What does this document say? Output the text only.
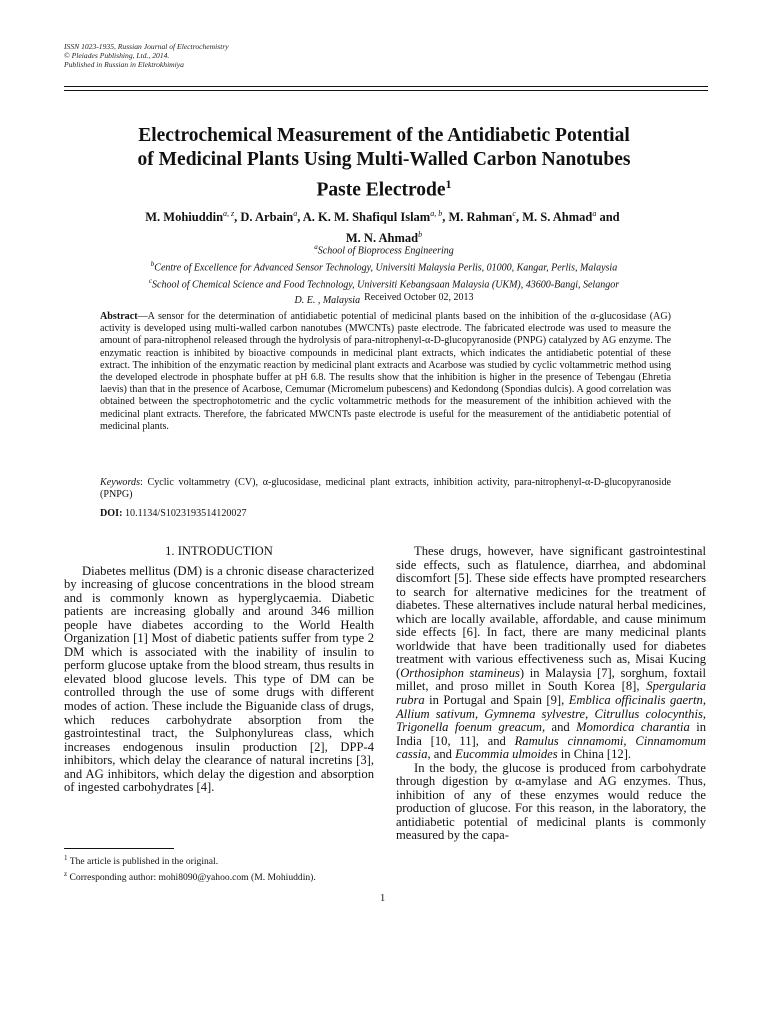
ISSN 1023-1935, Russian Journal of Electrochemistry
© Pleiades Publishing, Ltd., 2014.
Published in Russian in Elektrokhimiya
Electrochemical Measurement of the Antidiabetic Potential
of Medicinal Plants Using Multi-Walled Carbon Nanotubes
Paste Electrode$^1$
M. Mohiuddin$^{a, z}$, D. Arbain$^a$, A. K. M. Shafiqul Islam$^{a, b}$, M. Rahman$^c$, M. S. Ahmad$^a$ and
M. N. Ahmad$^b$
$^a$School of Bioprocess Engineering
$^b$Centre of Excellence for Advanced Sensor Technology, Universiti Malaysia Perlis, 01000, Kangar, Perlis, Malaysia
$^c$School of Chemical Science and Food Technology, Universiti Kebangsaan Malaysia (UKM), 43600-Bangi, Selangor
D. E. , Malaysia Received October 02, 2013
Abstract—A sensor for the determination of antidiabetic potential of medicinal plants based on the inhibition of the α-glucosidase (AG) activity is developed using multi-walled carbon nanotubes (MWCNTs) paste electrode. The fabricated electrode was used to measure the amount of para-nitrophenol released through the hydrolysis of para-nitrophenyl-α-D-glucopyranoside (PNPG) catalyzed by AG enzyme. The enzymatic reaction is inhibited by bioactive compounds in medicinal plant extracts, which indicates the antidiabetic potential of these extract. The inhibition of the enzymatic reaction by medicinal plant extracts and Acarbose was studied by cyclic voltammetric method using the developed electrode in phosphate buffer at pH 6.8. The results show that the inhibition is higher in the presence of Tebengau (Ehretia laevis) than that in the presence of Acarbose, Cemumar (Micromelum pubescens) and Kedondong (Spondias dulcis). A good correlation was obtained between the spectrophotometric and the cyclic voltammetric methods for the measurement of the inhibition achieved with the medicinal plant extracts. Therefore, the fabricated MWCNTs paste electrode is useful for the measurement of the antidiabetic potential of medicinal plants.
Keywords: Cyclic voltammetry (CV), α-glucosidase, medicinal plant extracts, inhibition activity, para-nitrophenyl-α-D-glucopyranoside (PNPG)
DOI: 10.1134/S1023193514120027

1. INTRODUCTION

Diabetes mellitus (DM) is a chronic disease characterized by increasing of glucose concentrations in the blood stream and is commonly known as hyperglycaemia. Diabetic patients are increasing globally and around 346 million people have diabetes according to the World Health Organization [1] Most of diabetic patients suffer from type 2 DM which is associated with the inability of insulin to perform glucose uptake from the blood stream, thus results in elevated blood glucose levels. This type of DM can be controlled through the use of some drugs with different modes of action. These include the Biguanide class of drugs, which reduces carbohydrate absorption from the gastrointestinal tract, the Sulphonylureas class, which increases endogenous insulin production [2], DPP-4 inhibitors, which delay the clearance of natural incretins [3], and AG inhibitors, which delay the digestion and absorption of ingested carbohydrates [4].

These drugs, however, have significant gastrointestinal side effects, such as flatulence, diarrhea, and abdominal discomfort [5]. These side effects have prompted researchers to search for alternative medicines for the treatment of diabetes. These alternatives include natural herbal medicines, which are locally available, affordable, and cause minimum side effects [6]. In fact, there are many medicinal plants worldwide that have been traditionally used for diabetes treatment with various effectiveness such as, Misai Kucing (Orthosiphon stamineus) in Malaysia [7], sorghum, foxtail millet, and proso millet in South Korea [8], Spergularia rubra in Portugal and Spain [9], Emblica officinalis gaertn, Allium sativum, Gymnema sylvestre, Citrullus colocynthis, Trigonella foenum greacum, and Momordica charantia in India [10, 11], and Ramulus cinnamomi, Cinnamomum cassia, and Eucommia ulmoides in China [12].

In the body, the glucose is produced from carbohydrate through digestion by α-amylase and AG enzymes. Thus, inhibition of any of these enzymes would reduce the production of glucose. For this reason, in the laboratory, the antidiabetic potential of medicinal plants is commonly measured by the capa-

$^1$ The article is published in the original.
$^z$ Corresponding author: mohi8090@yahoo.com (M. Mohiuddin).
1
